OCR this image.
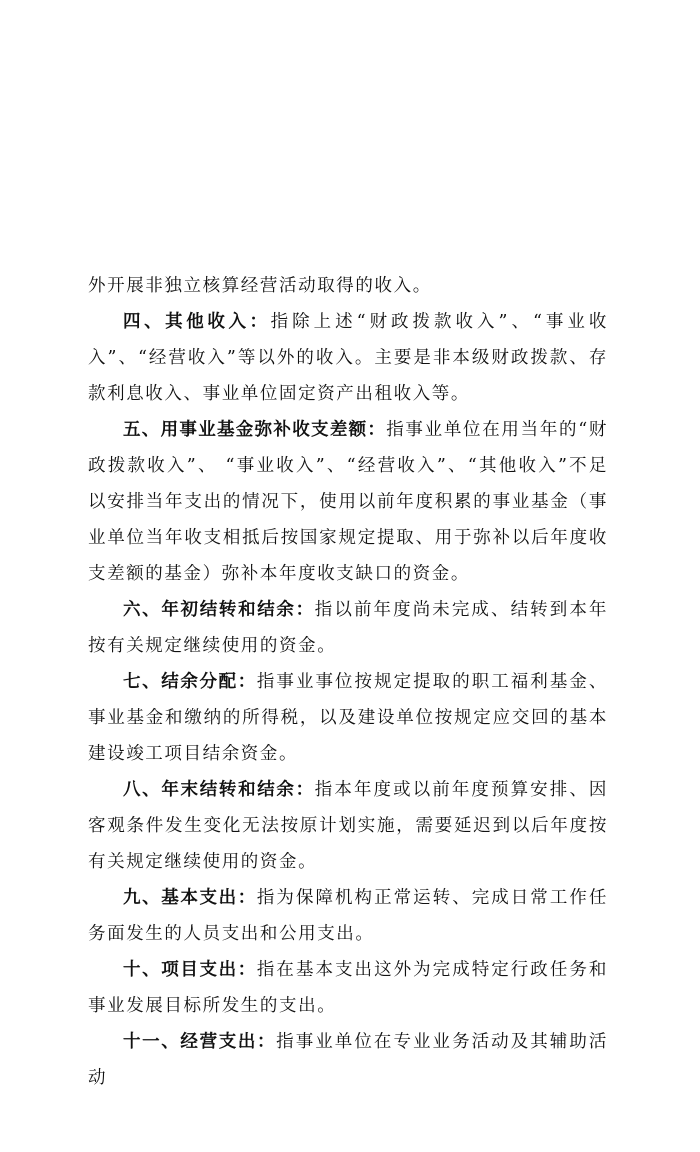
外开展非独立核算经营活动取得的收入。

四、其他收入：指除上述“财政拨款收入”、“事业收入”、“经营收入”等以外的收入。主要是非本级财政拨款、存款利息收入、事业单位固定资产出租收入等。

五、用事业基金弥补收支差额：指事业单位在用当年的“财政拨款收入”、 “事业收入”、“经营收入”、“其他收入”不足以安排当年支出的情况下，使用以前年度积累的事业基金（事业单位当年收支相抵后按国家规定提取、用于弥补以后年度收支差额的基金）弥补本年度收支缺口的资金。

六、年初结转和结余：指以前年度尚未完成、结转到本年按有关规定继续使用的资金。

七、结余分配：指事业事位按规定提取的职工福利基金、事业基金和缴纳的所得税，以及建设单位按规定应交回的基本建设竣工项目结余资金。

八、年末结转和结余：指本年度或以前年度预算安排、因客观条件发生变化无法按原计划实施，需要延迟到以后年度按有关规定继续使用的资金。

九、基本支出：指为保障机构正常运转、完成日常工作任务面发生的人员支出和公用支出。

十、项目支出：指在基本支出这外为完成特定行政任务和事业发展目标所发生的支出。

十一、经营支出：指事业单位在专业业务活动及其辅助活动
